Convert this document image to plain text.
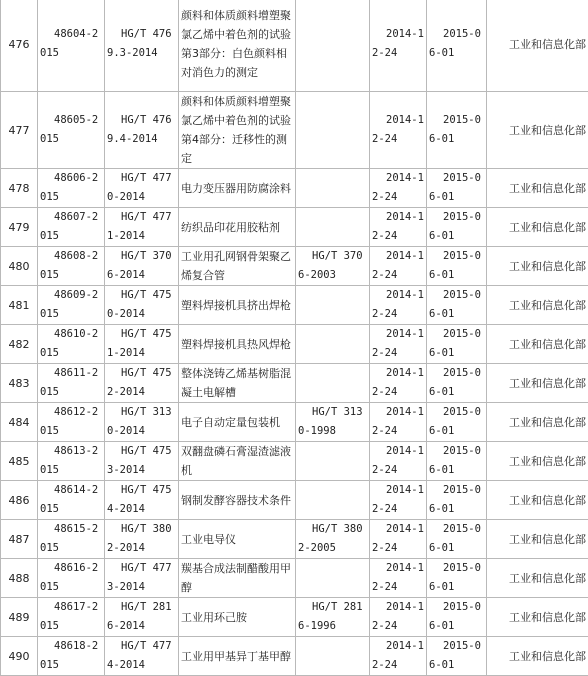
476	48604-2015	HG/T 4769.3-2014	颜料和体质颜料增塑聚氯乙烯中着色剂的试验 第3部分：白色颜料相对消色力的测定		2014-12-24	2015-06-01	工业和信息化部
477	48605-2015	HG/T 4769.4-2014	颜料和体质颜料增塑聚氯乙烯中着色剂的试验 第4部分：迁移性的测定		2014-12-24	2015-06-01	工业和信息化部
478	48606-2015	HG/T 4770-2014	电力变压器用防腐涂料		2014-12-24	2015-06-01	工业和信息化部
479	48607-2015	HG/T 4771-2014	纺织品印花用胶粘剂		2014-12-24	2015-06-01	工业和信息化部
480	48608-2015	HG/T 3706-2014	工业用孔网钢骨架聚乙烯复合管	HG/T 3706-2003	2014-12-24	2015-06-01	工业和信息化部
481	48609-2015	HG/T 4750-2014	塑料焊接机具挤出焊枪		2014-12-24	2015-06-01	工业和信息化部
482	48610-2015	HG/T 4751-2014	塑料焊接机具热风焊枪		2014-12-24	2015-06-01	工业和信息化部
483	48611-2015	HG/T 4752-2014	整体浇铸乙烯基树脂混凝土电解槽		2014-12-24	2015-06-01	工业和信息化部
484	48612-2015	HG/T 3130-2014	电子自动定量包装机	HG/T 3130-1998	2014-12-24	2015-06-01	工业和信息化部
485	48613-2015	HG/T 4753-2014	双翻盘磷石膏湿渣滤液机		2014-12-24	2015-06-01	工业和信息化部
486	48614-2015	HG/T 4754-2014	钢制发酵容器技术条件		2014-12-24	2015-06-01	工业和信息化部
487	48615-2015	HG/T 3802-2014	工业电导仪	HG/T 3802-2005	2014-12-24	2015-06-01	工业和信息化部
488	48616-2015	HG/T 4773-2014	羰基合成法制醋酸用甲醇		2014-12-24	2015-06-01	工业和信息化部
489	48617-2015	HG/T 2816-2014	工业用环己胺	HG/T 2816-1996	2014-12-24	2015-06-01	工业和信息化部
490	48618-2015	HG/T 4774-2014	工业用甲基异丁基甲醇		2014-12-24	2015-06-01	工业和信息化部
